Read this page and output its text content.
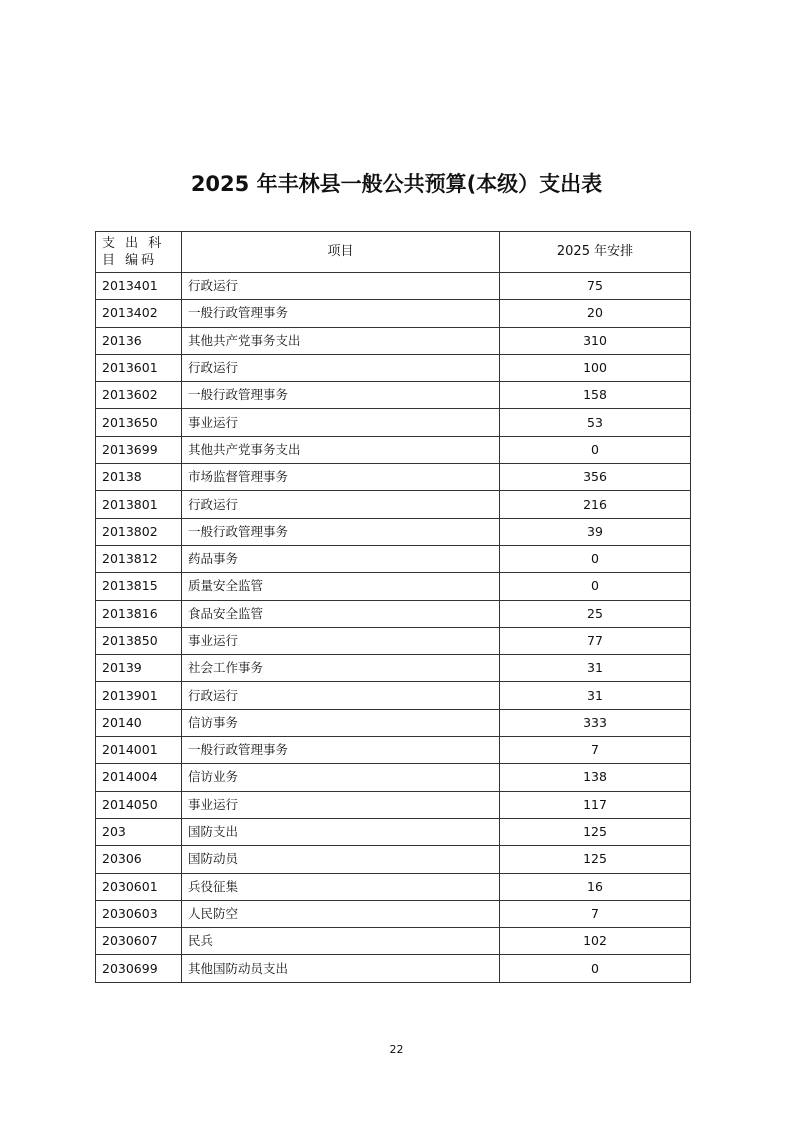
2025 年丰林县一般公共预算(本级）支出表
支 出 科 目 编码	项目	2025 年安排
2013401	行政运行	75
2013402	一般行政管理事务	20
20136	其他共产党事务支出	310
2013601	行政运行	100
2013602	一般行政管理事务	158
2013650	事业运行	53
2013699	其他共产党事务支出	0
20138	市场监督管理事务	356
2013801	行政运行	216
2013802	一般行政管理事务	39
2013812	药品事务	0
2013815	质量安全监管	0
2013816	食品安全监管	25
2013850	事业运行	77
20139	社会工作事务	31
2013901	行政运行	31
20140	信访事务	333
2014001	一般行政管理事务	7
2014004	信访业务	138
2014050	事业运行	117
203	国防支出	125
20306	国防动员	125
2030601	兵役征集	16
2030603	人民防空	7
2030607	民兵	102
2030699	其他国防动员支出	0
22
